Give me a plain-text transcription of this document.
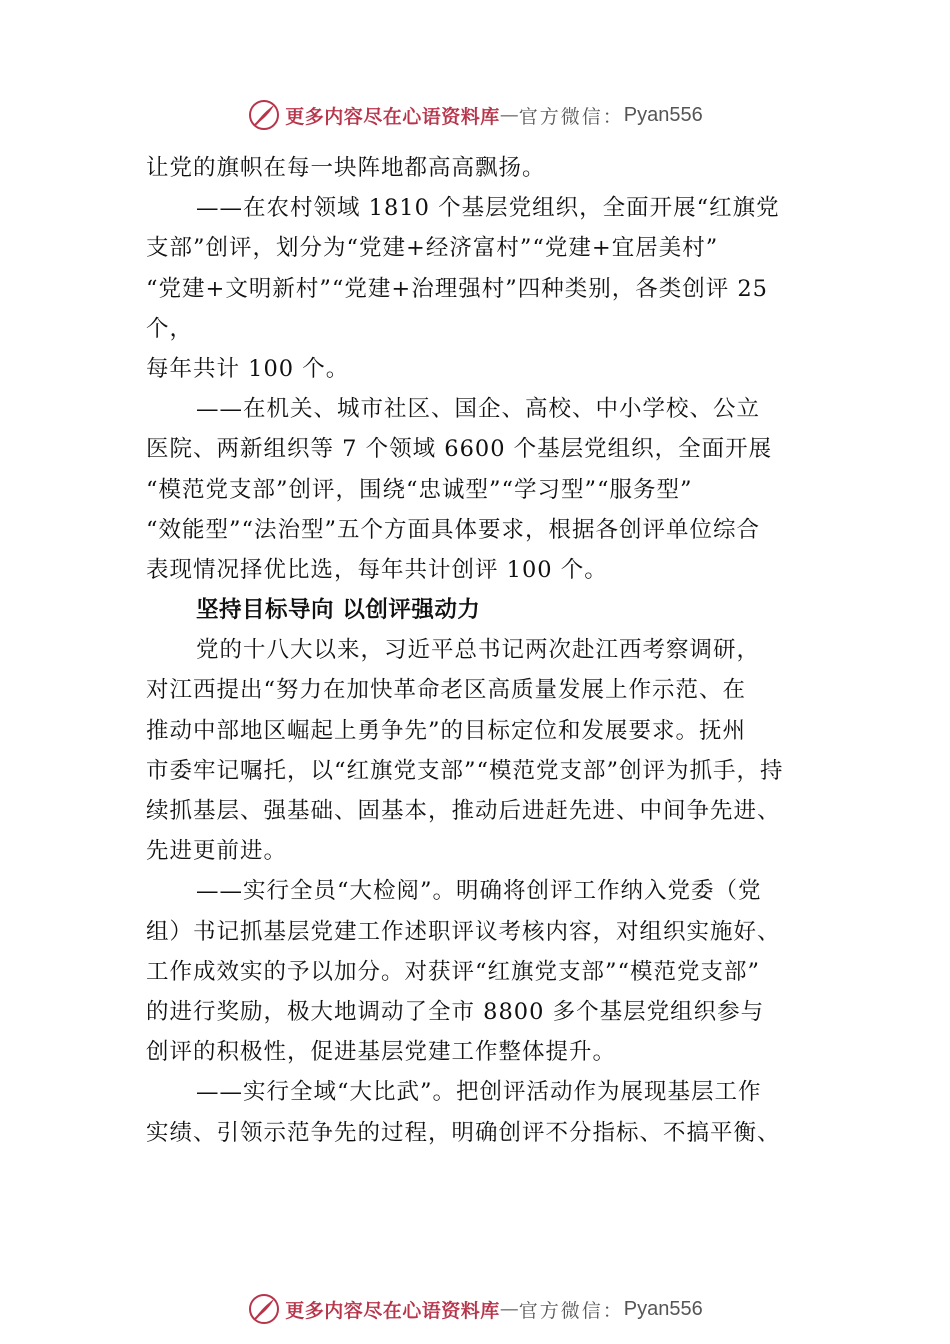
更多内容尽在心语资料库 — 官方微信： Pyan556
让党的旗帜在每一块阵地都高高飘扬。
——在农村领域 1810 个基层党组织，全面开展“红旗党
支部”创评，划分为“党建+经济富村”“党建+宜居美村”
“党建+文明新村”“党建+治理强村”四种类别，各类创评 25
个，
每年共计 100 个。
——在机关、城市社区、国企、高校、中小学校、公立
医院、两新组织等 7 个领域 6600 个基层党组织，全面开展
“模范党支部”创评，围绕“忠诚型”“学习型”“服务型”
“效能型”“法治型”五个方面具体要求，根据各创评单位综合
表现情况择优比选，每年共计创评 100 个。
坚持目标导向 以创评强动力
党的十八大以来，习近平总书记两次赴江西考察调研，
对江西提出“努力在加快革命老区高质量发展上作示范、在
推动中部地区崛起上勇争先”的目标定位和发展要求。抚州
市委牢记嘱托，以“红旗党支部”“模范党支部”创评为抓手，持
续抓基层、强基础、固基本，推动后进赶先进、中间争先进、
先进更前进。
——实行全员“大检阅”。明确将创评工作纳入党委（党
组）书记抓基层党建工作述职评议考核内容，对组织实施好、
工作成效实的予以加分。对获评“红旗党支部”“模范党支部”
的进行奖励，极大地调动了全市 8800 多个基层党组织参与
创评的积极性，促进基层党建工作整体提升。
——实行全域“大比武”。把创评活动作为展现基层工作
实绩、引领示范争先的过程，明确创评不分指标、不搞平衡、
更多内容尽在心语资料库 — 官方微信： Pyan556
